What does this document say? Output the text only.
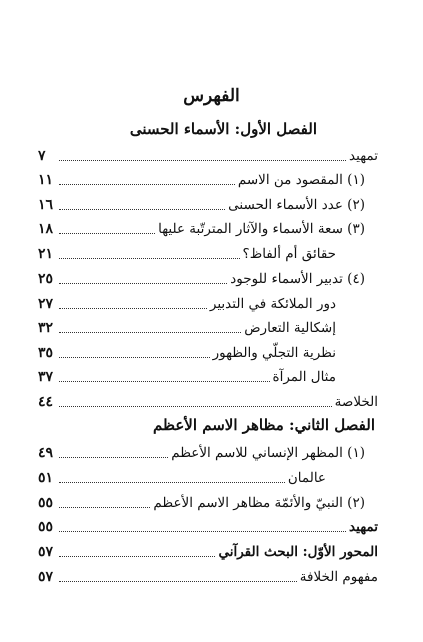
الفهرس
الفصل الأول: الأسماء الحسنى
تمهيد
٧
(١) المقصود من الاسم
١١
(٢) عدد الأسماء الحسنى
١٦
(٣) سعة الأسماء والآثار المترتّبة عليها
١٨
حقائق أم ألفاظ؟
٢١
(٤) تدبير الأسماء للوجود
٢٥
دور الملائكة في التدبير
٢٧
إشكالية التعارض
٣٢
نظرية التجلّي والظهور
٣٥
مثال المرآة
٣٧
الخلاصة
٤٤
الفصل الثاني: مظاهر الاسم الأعظم
(١) المظهر الإنساني للاسم الأعظم
٤٩
عالمان
٥١
(٢) النبيّ والأئمّة مظاهر الاسم الأعظم
٥٥
تمهيد
٥٥
المحور الأوّل: البحث القرآني
٥٧
مفهوم الخلافة
٥٧
